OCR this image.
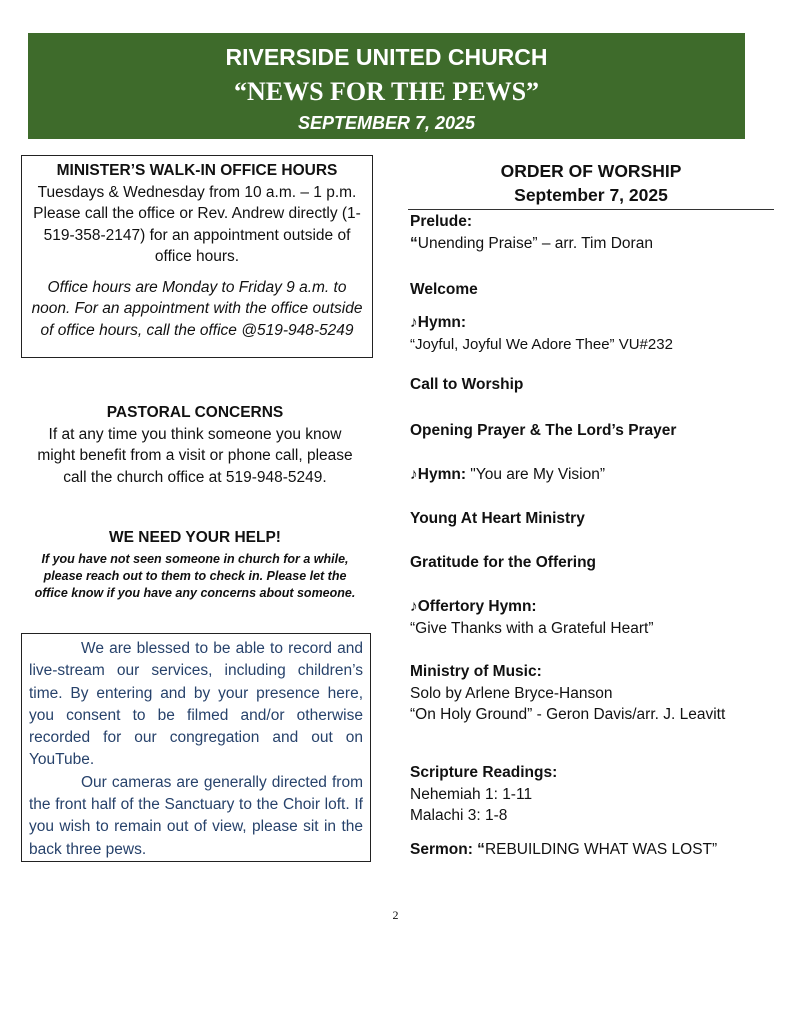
RIVERSIDE UNITED CHURCH
“NEWS FOR THE PEWS”
SEPTEMBER 7, 2025
MINISTER’S WALK-IN OFFICE HOURS
Tuesdays & Wednesday from 10 a.m. – 1 p.m. Please call the office or Rev. Andrew directly (1-519-358-2147) for an appointment outside of office hours.
Office hours are Monday to Friday 9 a.m. to noon. For an appointment with the office outside of office hours, call the office @519-948-5249
PASTORAL CONCERNS
If at any time you think someone you know might benefit from a visit or phone call, please call the church office at 519-948-5249.
WE NEED YOUR HELP!
If you have not seen someone in church for a while, please reach out to them to check in. Please let the office know if you have any concerns about someone.

We are blessed to be able to record and live-stream our services, including children’s time. By entering and by your presence here, you consent to be filmed and/or otherwise recorded for our congregation and out on YouTube.

Our cameras are generally directed from the front half of the Sanctuary to the Choir loft. If you wish to remain out of view, please sit in the back three pews.

ORDER OF WORSHIP
September 7, 2025
Prelude:
“Unending Praise” – arr. Tim Doran
Welcome
♪Hymn:
“Joyful, Joyful We Adore Thee” VU#232
Call to Worship
Opening Prayer & The Lord’s Prayer
♪Hymn: "You are My Vision”
Young At Heart Ministry
Gratitude for the Offering
♪Offertory Hymn:
“Give Thanks with a Grateful Heart”
Ministry of Music:
Solo by Arlene Bryce-Hanson
“On Holy Ground” - Geron Davis/arr. J. Leavitt
Scripture Readings:
Nehemiah 1: 1-11
Malachi 3: 1-8
Sermon: “REBUILDING WHAT WAS LOST”
2
